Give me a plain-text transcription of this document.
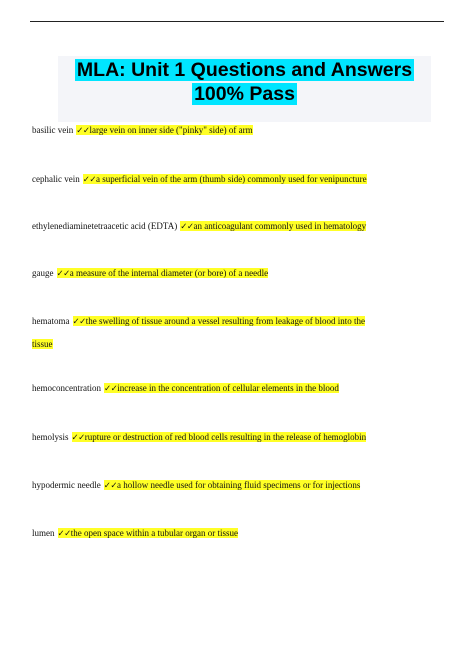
MLA: Unit 1 Questions and Answers
100% Pass
basilic vein ✓✓large vein on inner side ("pinky" side) of arm
cephalic vein ✓✓a superficial vein of the arm (thumb side) commonly used for venipuncture
ethylenediaminetetraacetic acid (EDTA) ✓✓an anticoagulant commonly used in hematology
gauge ✓✓a measure of the internal diameter (or bore) of a needle
hematoma ✓✓the swelling of tissue around a vessel resulting from leakage of blood into the
tissue
hemoconcentration ✓✓increase in the concentration of cellular elements in the blood
hemolysis ✓✓rupture or destruction of red blood cells resulting in the release of hemoglobin
hypodermic needle ✓✓a hollow needle used for obtaining fluid specimens or for injections
lumen ✓✓the open space within a tubular organ or tissue
